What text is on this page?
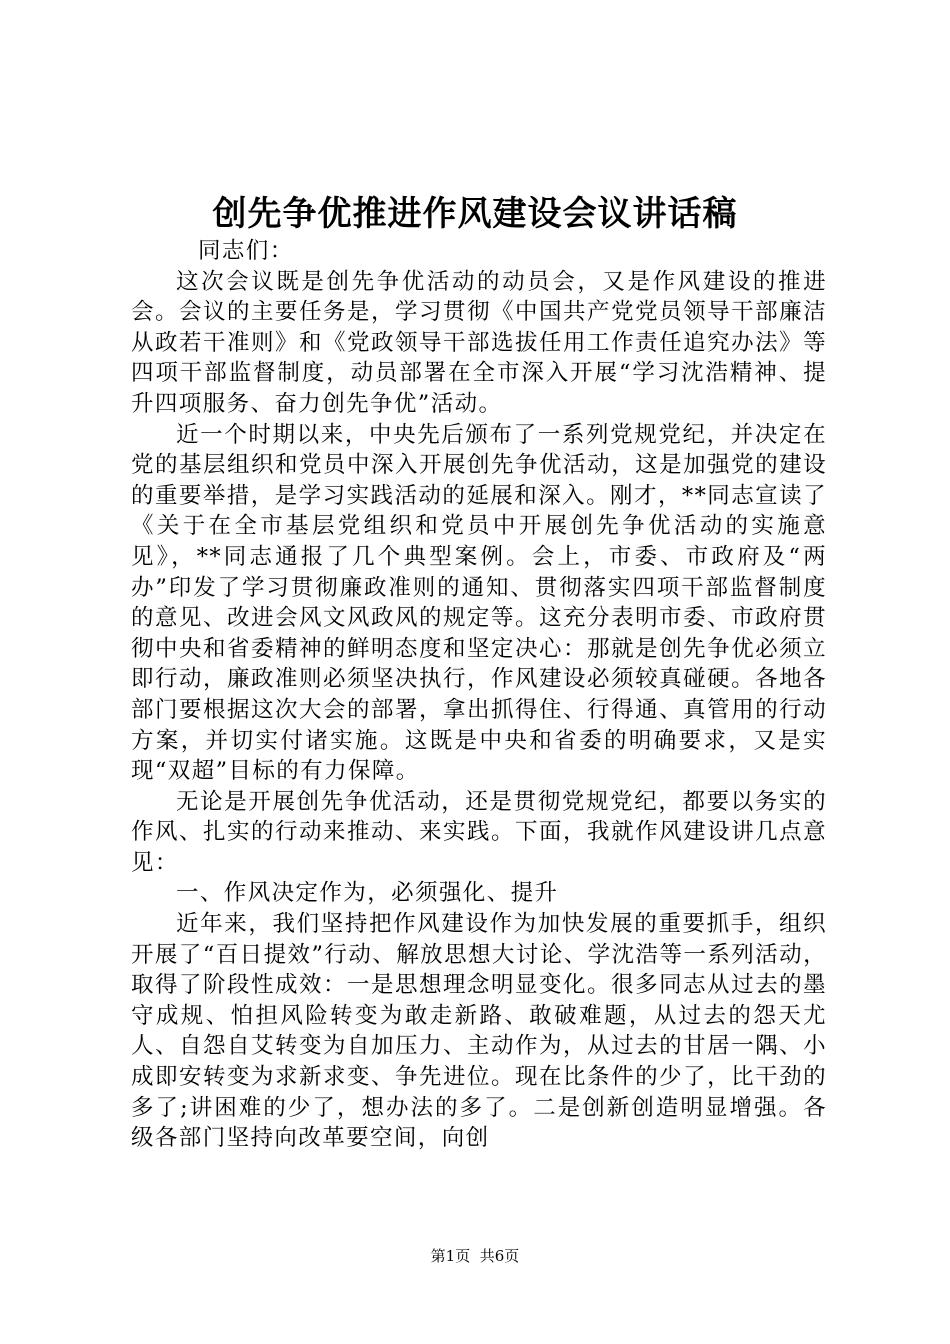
创先争优推进作风建设会议讲话稿

同志们：

这次会议既是创先争优活动的动员会，又是作风建设的推进会。会议的主要任务是，学习贯彻《中国共产党党员领导干部廉洁从政若干准则》和《党政领导干部选拔任用工作责任追究办法》等四项干部监督制度，动员部署在全市深入开展“学习沈浩精神、提升四项服务、奋力创先争优”活动。

近一个时期以来，中央先后颁布了一系列党规党纪，并决定在党的基层组织和党员中深入开展创先争优活动，这是加强党的建设的重要举措，是学习实践活动的延展和深入。刚才，**同志宣读了《关于在全市基层党组织和党员中开展创先争优活动的实施意见》，**同志通报了几个典型案例。会上，市委、市政府及“两办”印发了学习贯彻廉政准则的通知、贯彻落实四项干部监督制度的意见、改进会风文风政风的规定等。这充分表明市委、市政府贯彻中央和省委精神的鲜明态度和坚定决心：那就是创先争优必须立即行动，廉政准则必须坚决执行，作风建设必须较真碰硬。各地各部门要根据这次大会的部署，拿出抓得住、行得通、真管用的行动方案，并切实付诸实施。这既是中央和省委的明确要求，又是实现“双超”目标的有力保障。

无论是开展创先争优活动，还是贯彻党规党纪，都要以务实的作风、扎实的行动来推动、来实践。下面，我就作风建设讲几点意见：

一、作风决定作为，必须强化、提升

近年来，我们坚持把作风建设作为加快发展的重要抓手，组织开展了“百日提效”行动、解放思想大讨论、学沈浩等一系列活动，取得了阶段性成效：一是思想理念明显变化。很多同志从过去的墨守成规、怕担风险转变为敢走新路、敢破难题，从过去的怨天尤人、自怨自艾转变为自加压力、主动作为，从过去的甘居一隅、小成即安转变为求新求变、争先进位。现在比条件的少了，比干劲的多了;讲困难的少了，想办法的多了。二是创新创造明显增强。各级各部门坚持向改革要空间，向创

第1页 共6页
